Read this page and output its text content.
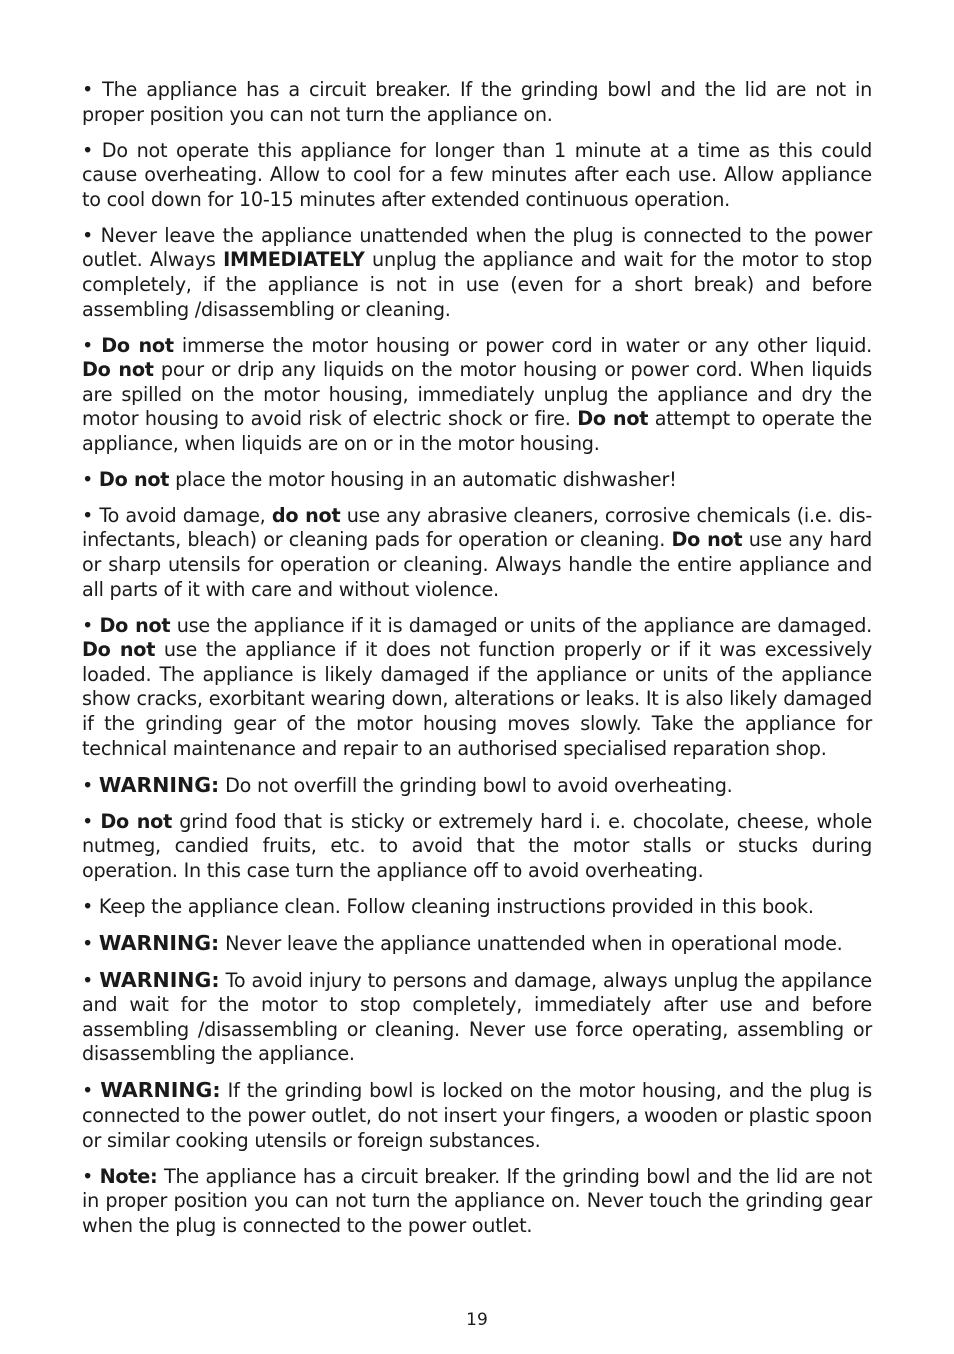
• The appliance has a circuit breaker. If the grinding bowl and the lid are not in proper position you can not turn the appliance on.

• Do not operate this appliance for longer than 1 minute at a time as this could cause overheating. Allow to cool for a few minutes after each use. Allow appliance to cool down for 10-15 minutes after extended continuous operation.

• Never leave the appliance unattended when the plug is connected to the power outlet. Always IMMEDIATELY unplug the appliance and wait for the motor to stop completely, if the appliance is not in use (even for a short break) and before assembling /disassembling or cleaning.

• Do not immerse the motor housing or power cord in water or any other liquid. Do not pour or drip any liquids on the motor housing or power cord. When liquids are spilled on the motor housing, immediately unplug the appliance and dry the motor housing to avoid risk of electric shock or fire. Do not attempt to operate the appliance, when liquids are on or in the motor housing.

• Do not place the motor housing in an automatic dishwasher!

• To avoid damage, do not use any abrasive cleaners, corrosive chemicals (i.e. dis-infectants, bleach) or cleaning pads for operation or cleaning. Do not use any hard or sharp utensils for operation or cleaning. Always handle the entire appliance and all parts of it with care and without violence.

• Do not use the appliance if it is damaged or units of the appliance are damaged. Do not use the appliance if it does not function properly or if it was excessively loaded. The appliance is likely damaged if the appliance or units of the appliance show cracks, exorbitant wearing down, alterations or leaks. It is also likely damaged if the grinding gear of the motor housing moves slowly. Take the appliance for technical maintenance and repair to an authorised specialised reparation shop.

• WARNING: Do not overfill the grinding bowl to avoid overheating.

• Do not grind food that is sticky or extremely hard i. e. chocolate, cheese, whole nutmeg, candied fruits, etc. to avoid that the motor stalls or stucks during operation. In this case turn the appliance off to avoid overheating.

• Keep the appliance clean. Follow cleaning instructions provided in this book.

• WARNING: Never leave the appliance unattended when in operational mode.

• WARNING: To avoid injury to persons and damage, always unplug the appilance and wait for the motor to stop completely, immediately after use and before assembling /disassembling or cleaning. Never use force operating, assembling or disassembling the appliance.

• WARNING: If the grinding bowl is locked on the motor housing, and the plug is connected to the power outlet, do not insert your fingers, a wooden or plastic spoon or similar cooking utensils or foreign substances.

• Note: The appliance has a circuit breaker. If the grinding bowl and the lid are not in proper position you can not turn the appliance on. Never touch the grinding gear when the plug is connected to the power outlet.

19
